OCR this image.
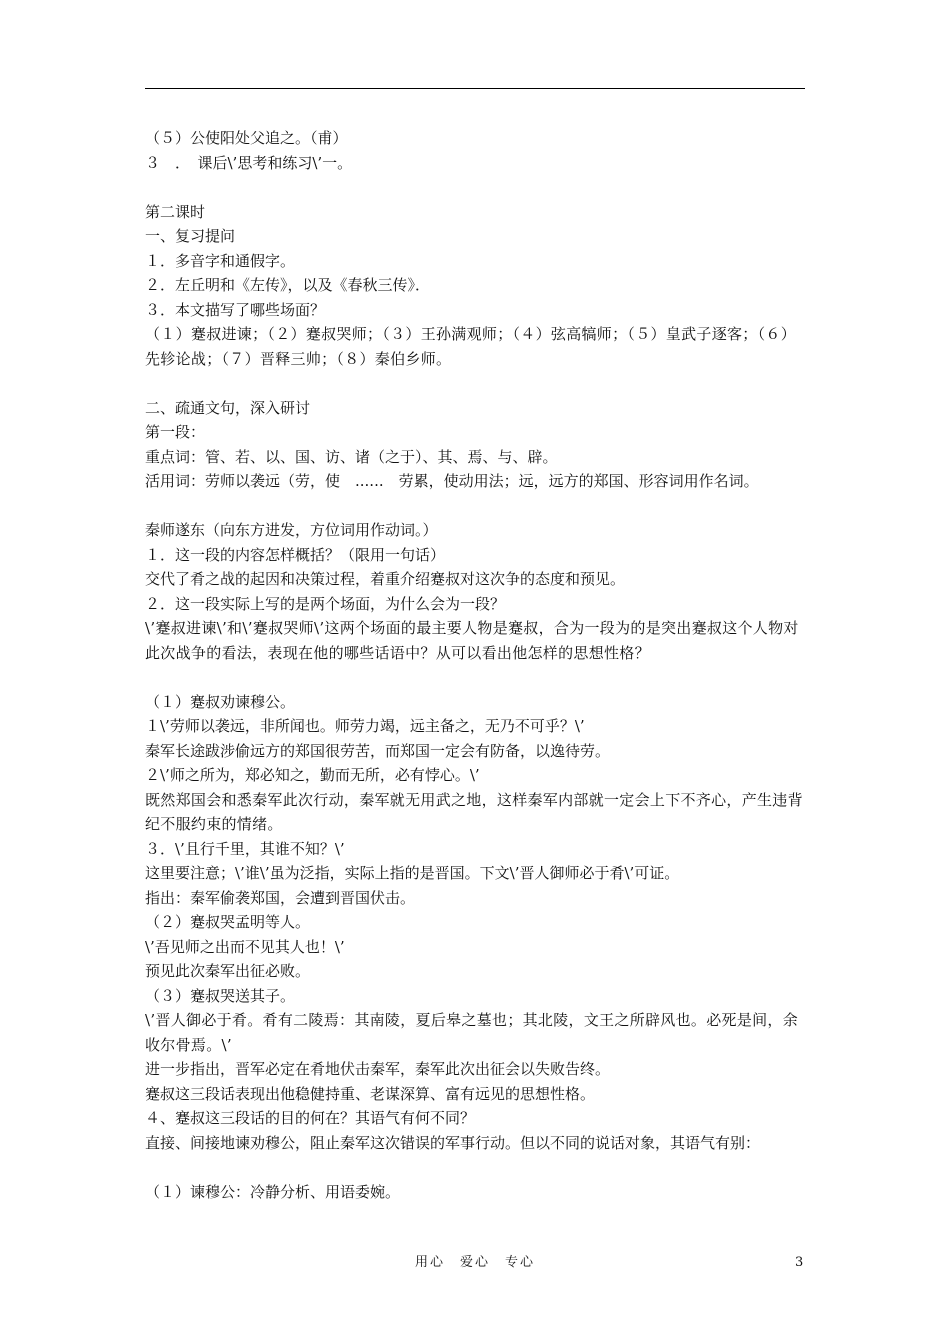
（５）公使阳处父追之。（甫）
３　．　课后\’思考和练习\’一。
第二课时
一、复习提问
１．多音字和通假字。
２．左丘明和《左传》，以及《春秋三传》．
３．本文描写了哪些场面？
（１）蹇叔进谏；（２）蹇叔哭师；（３）王孙满观师；（４）弦高犒师；（５）皇武子逐客；（６）先轸论战；（７）晋释三帅；（８）秦伯乡师。
二、疏通文句，深入研讨
第一段：
重点词：管、若、以、国、访、诸（之于）、其、焉、与、辟。
活用词：劳师以袭远（劳，使　......　劳累，使动用法；远，远方的郑国、形容词用作名词。
秦师遂东（向东方进发，方位词用作动词。）
１．这一段的内容怎样概括？（限用一句话）
交代了肴之战的起因和决策过程，着重介绍蹇叔对这次争的态度和预见。
２．这一段实际上写的是两个场面，为什么会为一段？
\’蹇叔进谏\’和\’蹇叔哭师\’这两个场面的最主要人物是蹇叔，合为一段为的是突出蹇叔这个人物对此次战争的看法，表现在他的哪些话语中？从可以看出他怎样的思想性格？
（１）蹇叔劝谏穆公。
１\’劳师以袭远，非所闻也。师劳力竭，远主备之，无乃不可乎？\’
秦军长途跋涉偷远方的郑国很劳苦，而郑国一定会有防备，以逸待劳。
２\’师之所为，郑必知之，勤而无所，必有悖心。\’
既然郑国会和悉秦军此次行动，秦军就无用武之地，这样秦军内部就一定会上下不齐心，产生违背纪不服约束的情绪。
３．\’且行千里，其谁不知？\’
这里要注意；\’谁\’虽为泛指，实际上指的是晋国。下文\’晋人御师必于肴\’可证。
指出：秦军偷袭郑国，会遭到晋国伏击。
（２）蹇叔哭孟明等人。
\’吾见师之出而不见其人也！\’
预见此次秦军出征必败。
（３）蹇叔哭送其子。
\’晋人御必于肴。肴有二陵焉：其南陵，夏后皋之墓也；其北陵，文王之所辟风也。必死是间，余收尔骨焉。\’
进一步指出，晋军必定在肴地伏击秦军，秦军此次出征会以失败告终。
蹇叔这三段话表现出他稳健持重、老谋深算、富有远见的思想性格。
４、蹇叔这三段话的目的何在？其语气有何不同？
直接、间接地谏劝穆公，阻止秦军这次错误的军事行动。但以不同的说话对象，其语气有别：
（１）谏穆公：冷静分析、用语委婉。
用心　爱心　专心	3
